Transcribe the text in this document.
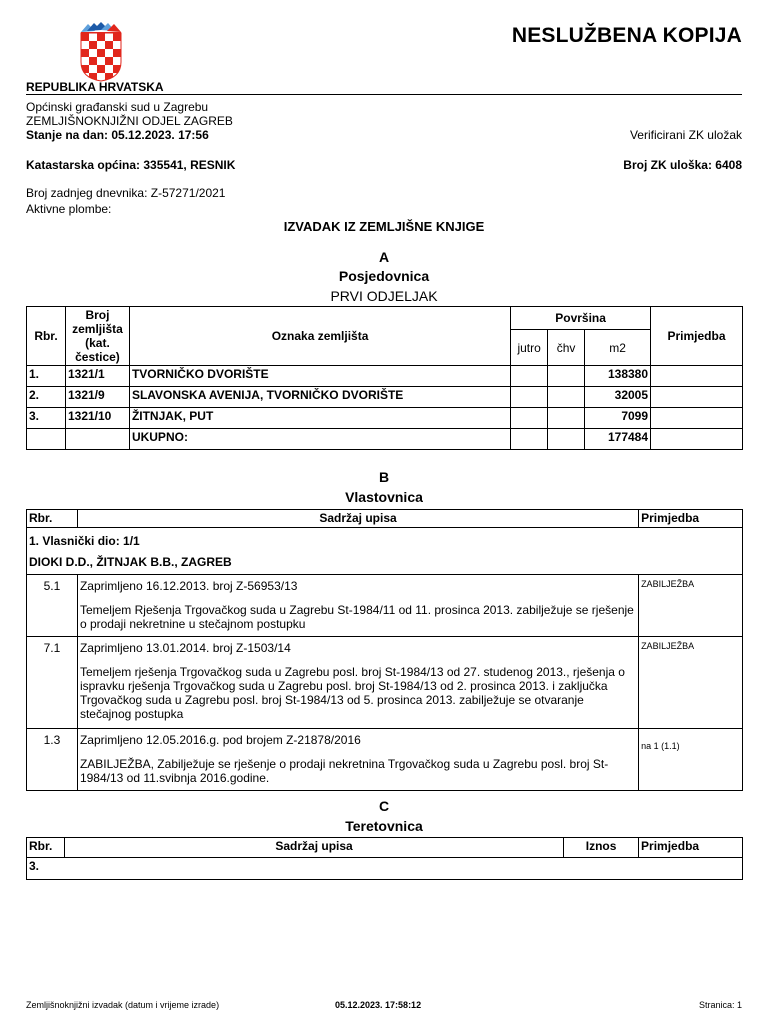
NESLUŽBENA KOPIJA
REPUBLIKA HRVATSKA
Općinski građanski sud u Zagrebu
ZEMLJIŠNOKNJIŽNI ODJEL ZAGREB
Stanje na dan: 05.12.2023. 17:56	Verificirani ZK uložak
Katastarska općina: 335541, RESNIK	Broj ZK uloška: 6408
Broj zadnjeg dnevnika: Z-57271/2021
Aktivne plombe:
IZVADAK IZ ZEMLJIŠNE KNJIGE
A
Posjedovnica
PRVI ODJELJAK
Rbr.	Broj zemljišta (kat. čestice)	Oznaka zemljišta	Površina			Primjedba
			jutro	čhv	m2	
1.	1321/1	TVORNIČKO DVORIŠTE			138380	
2.	1321/9	SLAVONSKA AVENIJA, TVORNIČKO DVORIŠTE			32005	
3.	1321/10	ŽITNJAK, PUT			7099	
		UKUPNO:			177484	
B
Vlastovnica
Rbr.	Sadržaj upisa	Primjedba

1. Vlasnički dio: 1/1
DIOKI D.D., ŽITNJAK B.B., ZAGREB		

5.1	Zaprimljeno 16.12.2013. broj Z-56953/13
Temeljem Rješenja Trgovačkog suda u Zagrebu St-1984/11 od 11. prosinca 2013. zabilježuje se rješenje o prodaji nekretnine u stečajnom postupku	ZABILJEŽBA
7.1	Zaprimljeno 13.01.2014. broj Z-1503/14
Temeljem rješenja Trgovačkog suda u Zagrebu posl. broj St-1984/13 od 27. studenog 2013., rješenja o ispravku rješenja Trgovačkog suda u Zagrebu posl. broj St-1984/13 od 2. prosinca 2013. i zaključka Trgovačkog suda u Zagrebu posl. broj St-1984/13 od 5. prosinca 2013. zabilježuje se otvaranje stečajnog postupka	ZABILJEŽBA
1.3	Zaprimljeno 12.05.2016.g. pod brojem Z-21878/2016
ZABILJEŽBA, Zabilježuje se rješenje o prodaji nekretnina Trgovačkog suda u Zagrebu posl. broj St-1984/13 od 11.svibnja 2016.godine.	na 1 (1.1)
C
Teretovnica
Rbr.	Sadržaj upisa	Iznos	Primjedba
3.
Zemljišnoknjižni izvadak (datum i vrijeme izrade)	05.12.2023. 17:58:12	Stranica: 1
